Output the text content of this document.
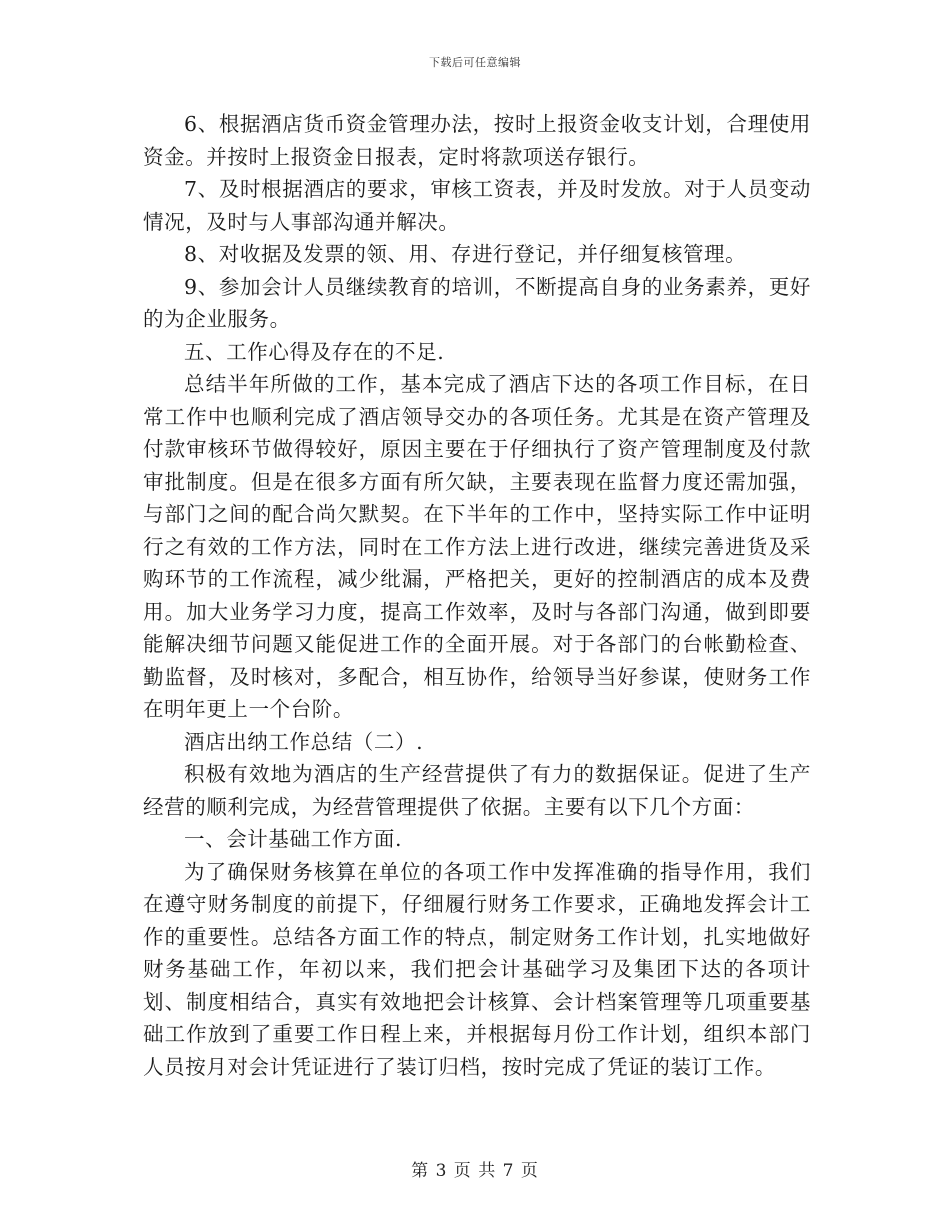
下载后可任意编辑

6、根据酒店货币资金管理办法，按时上报资金收支计划，合理使用资金。并按时上报资金日报表，定时将款项送存银行。

7、及时根据酒店的要求，审核工资表，并及时发放。对于人员变动情况，及时与人事部沟通并解决。

8、对收据及发票的领、用、存进行登记，并仔细复核管理。

9、参加会计人员继续教育的培训，不断提高自身的业务素养，更好的为企业服务。

五、工作心得及存在的不足.

总结半年所做的工作，基本完成了酒店下达的各项工作目标，在日常工作中也顺利完成了酒店领导交办的各项任务。尤其是在资产管理及付款审核环节做得较好，原因主要在于仔细执行了资产管理制度及付款审批制度。但是在很多方面有所欠缺，主要表现在监督力度还需加强，与部门之间的配合尚欠默契。在下半年的工作中，坚持实际工作中证明行之有效的工作方法，同时在工作方法上进行改进，继续完善进货及采购环节的工作流程，减少纰漏，严格把关，更好的控制酒店的成本及费用。加大业务学习力度，提高工作效率，及时与各部门沟通，做到即要能解决细节问题又能促进工作的全面开展。对于各部门的台帐勤检查、勤监督，及时核对，多配合，相互协作，给领导当好参谋，使财务工作在明年更上一个台阶。

酒店出纳工作总结（二）.

积极有效地为酒店的生产经营提供了有力的数据保证。促进了生产经营的顺利完成，为经营管理提供了依据。主要有以下几个方面：

一、会计基础工作方面.

为了确保财务核算在单位的各项工作中发挥准确的指导作用，我们在遵守财务制度的前提下，仔细履行财务工作要求，正确地发挥会计工作的重要性。总结各方面工作的特点，制定财务工作计划，扎实地做好财务基础工作，年初以来，我们把会计基础学习及集团下达的各项计划、制度相结合，真实有效地把会计核算、会计档案管理等几项重要基础工作放到了重要工作日程上来，并根据每月份工作计划，组织本部门人员按月对会计凭证进行了装订归档，按时完成了凭证的装订工作。

第 3 页 共 7 页
